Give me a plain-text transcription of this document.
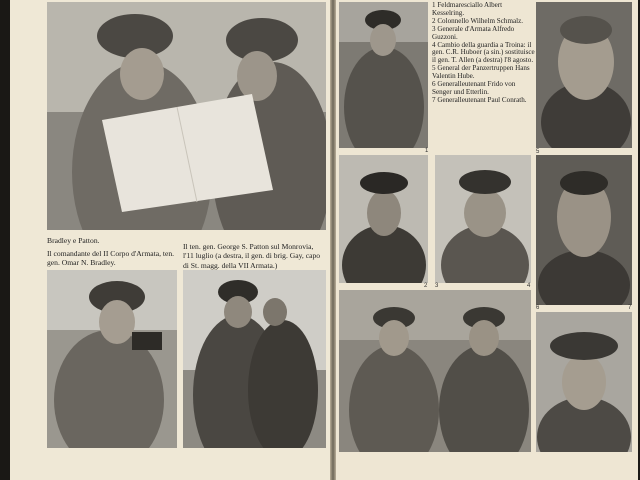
Bradley e Patton.

Il comandante del II Corpo d'Armata, ten. gen. Omar N. Bradley.

Il ten. gen. George S. Patton sul Monrovia, l'11 luglio (a destra, il gen. di brig. Gay, capo di St. magg. della VII Armata.)

1
1 Feldmaresciallo Albert Kesselring.
2 Colonnello Wilhelm Schmalz.
3 Generale d'Armata Alfredo Guzzoni.
4 Cambio della guardia a Troina: il gen. C.R. Huboer (a sin.) sostituisce il gen. T. Allen (a destra) l'8 agosto.
5 General der Panzertruppen Hans Valentin Hube.
6 Generalleutenant Frido von Senger und Etterlin.
7 Generalleutenant Paul Conrath.
5
2 3	4
6	7
